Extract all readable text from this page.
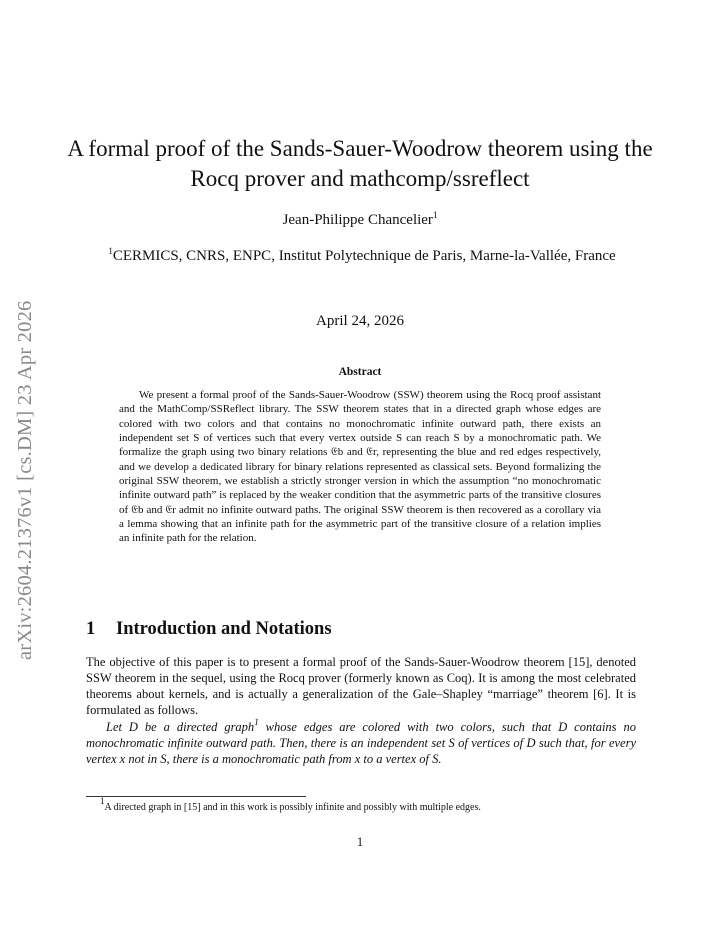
arXiv:2604.21376v1 [cs.DM] 23 Apr 2026
A formal proof of the Sands-Sauer-Woodrow theorem using the Rocq prover and mathcomp/ssreflect
Jean-Philippe Chancelier$^1$
$^1$CERMICS, CNRS, ENPC, Institut Polytechnique de Paris, Marne-la-Vallée, France
April 24, 2026
Abstract
We present a formal proof of the Sands-Sauer-Woodrow (SSW) theorem using the Rocq proof assistant and the MathComp/SSReflect library. The SSW theorem states that in a directed graph whose edges are colored with two colors and that contains no monochromatic infinite outward path, there exists an independent set S of vertices such that every vertex outside S can reach S by a monochromatic path. We formalize the graph using two binary relations 𝔈b and 𝔈r, representing the blue and red edges respectively, and we develop a dedicated library for binary relations represented as classical sets. Beyond formalizing the original SSW theorem, we establish a strictly stronger version in which the assumption “no monochromatic infinite outward path” is replaced by the weaker condition that the asymmetric parts of the transitive closures of 𝔈b and 𝔈r admit no infinite outward paths. The original SSW theorem is then recovered as a corollary via a lemma showing that an infinite path for the asymmetric part of the transitive closure of a relation implies an infinite path for the relation.
1 Introduction and Notations
The objective of this paper is to present a formal proof of the Sands-Sauer-Woodrow theorem [15], denoted SSW theorem in the sequel, using the Rocq prover (formerly known as Coq). It is among the most celebrated theorems about kernels, and is actually a generalization of the Gale–Shapley “marriage” theorem [6]. It is formulated as follows.
Let D be a directed graph$^1$ whose edges are colored with two colors, such that D contains no monochromatic infinite outward path. Then, there is an independent set S of vertices of D such that, for every vertex x not in S, there is a monochromatic path from x to a vertex of S.
$^1$A directed graph in [15] and in this work is possibly infinite and possibly with multiple edges.
1
